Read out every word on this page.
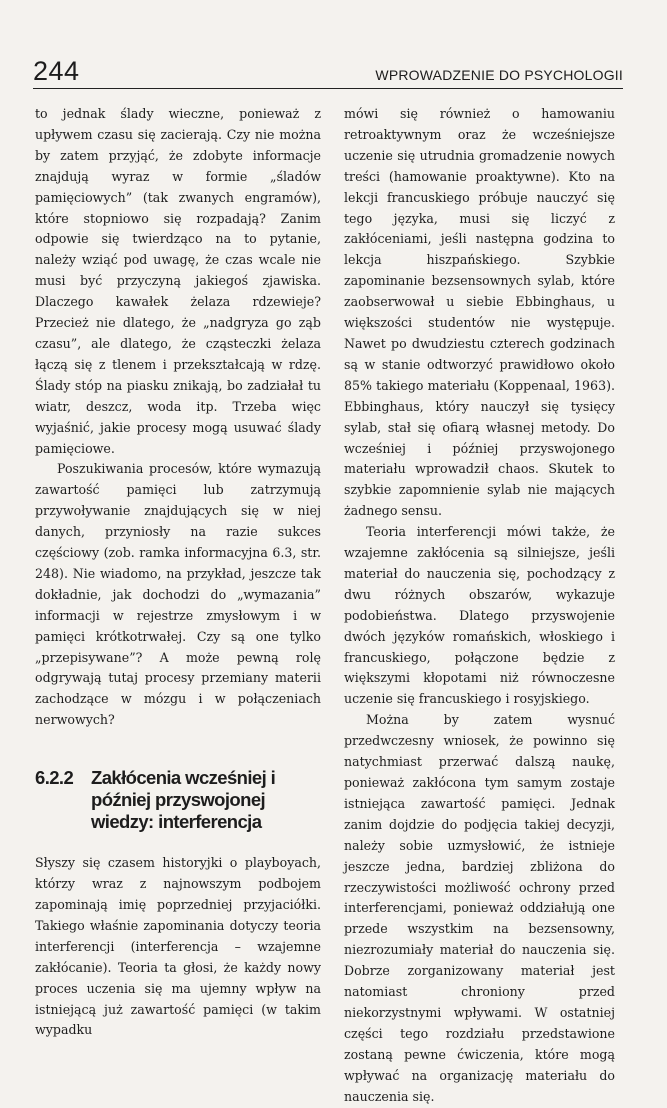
244	WPROWADZENIE DO PSYCHOLOGII

to jednak ślady wieczne, ponieważ z upływem czasu się zacierają. Czy nie można by zatem przyjąć, że zdobyte informacje znajdują wyraz w formie „śladów pamięciowych” (tak zwanych engramów), które stopniowo się rozpadają? Zanim odpowie się twierdząco na to pytanie, należy wziąć pod uwagę, że czas wcale nie musi być przyczyną jakiegoś zjawiska. Dlaczego kawałek żelaza rdzewieje? Przecież nie dlatego, że „nadgryza go ząb czasu”, ale dlatego, że cząsteczki żelaza łączą się z tlenem i przekształcają w rdzę. Ślady stóp na piasku znikają, bo zadziałał tu wiatr, deszcz, woda itp. Trzeba więc wyjaśnić, jakie procesy mogą usuwać ślady pamięciowe.

Poszukiwania procesów, które wymazują zawartość pamięci lub zatrzymują przywoływanie znajdujących się w niej danych, przyniosły na razie sukces częściowy (zob. ramka informacyjna 6.3, str. 248). Nie wiadomo, na przykład, jeszcze tak dokładnie, jak dochodzi do „wymazania” informacji w rejestrze zmysłowym i w pamięci krótkotrwałej. Czy są one tylko „przepisywane”? A może pewną rolę odgrywają tutaj procesy przemiany materii zachodzące w mózgu i w połączeniach nerwowych?

6.2.2 Zakłócenia wcześniej i później przyswojonej wiedzy: interferencja

Słyszy się czasem historyjki o playboyach, którzy wraz z najnowszym podbojem zapominają imię poprzedniej przyjaciółki. Takiego właśnie zapominania dotyczy teoria interferencji (interferencja – wzajemne zakłócanie). Teoria ta głosi, że każdy nowy proces uczenia się ma ujemny wpływ na istniejącą już zawartość pamięci (w takim wypadku

mówi się również o hamowaniu retroaktywnym oraz że wcześniejsze uczenie się utrudnia gromadzenie nowych treści (hamowanie proaktywne). Kto na lekcji francuskiego próbuje nauczyć się tego języka, musi się liczyć z zakłóceniami, jeśli następna godzina to lekcja hiszpańskiego. Szybkie zapominanie bezsensownych sylab, które zaobserwował u siebie Ebbinghaus, u większości studentów nie występuje. Nawet po dwudziestu czterech godzinach są w stanie odtworzyć prawidłowo około 85% takiego materiału (Koppenaal, 1963). Ebbinghaus, który nauczył się tysięcy sylab, stał się ofiarą własnej metody. Do wcześniej i później przyswojonego materiału wprowadził chaos. Skutek to szybkie zapomnienie sylab nie mających żadnego sensu.

Teoria interferencji mówi także, że wzajemne zakłócenia są silniejsze, jeśli materiał do nauczenia się, pochodzący z dwu różnych obszarów, wykazuje podobieństwa. Dlatego przyswojenie dwóch języków romańskich, włoskiego i francuskiego, połączone będzie z większymi kłopotami niż równoczesne uczenie się francuskiego i rosyjskiego.

Można by zatem wysnuć przedwczesny wniosek, że powinno się natychmiast przerwać dalszą naukę, ponieważ zakłócona tym samym zostaje istniejąca zawartość pamięci. Jednak zanim dojdzie do podjęcia takiej decyzji, należy sobie uzmysłowić, że istnieje jeszcze jedna, bardziej zbliżona do rzeczywistości możliwość ochrony przed interferencjami, ponieważ oddziałują one przede wszystkim na bezsensowny, niezrozumiały materiał do nauczenia się. Dobrze zorganizowany materiał jest natomiast chroniony przed niekorzystnymi wpływami. W ostatniej części tego rozdziału przedstawione zostaną pewne ćwiczenia, które mogą wpływać na organizację materiału do nauczenia się.
